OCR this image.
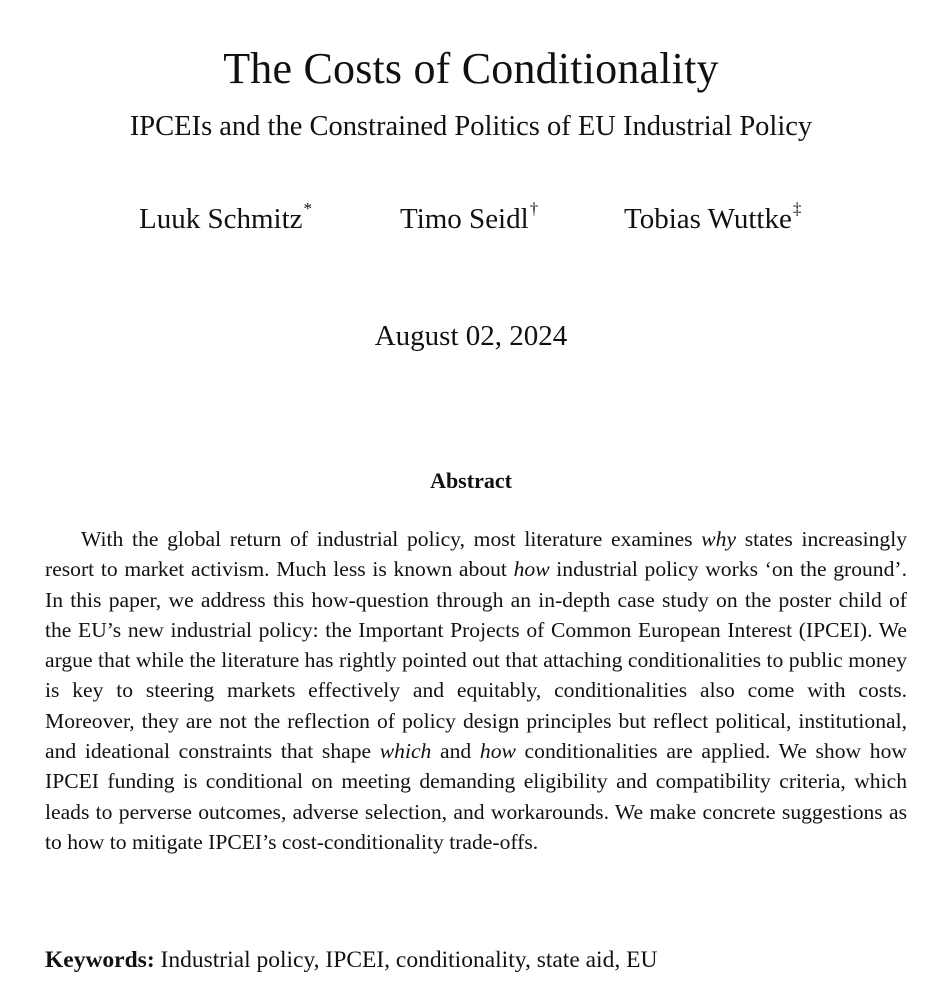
The Costs of Conditionality
IPCEIs and the Constrained Politics of EU Industrial Policy
Luuk Schmitz*	Timo Seidl†	Tobias Wuttke‡
August 02, 2024
Abstract

With the global return of industrial policy, most literature examines why states increasingly resort to market activism. Much less is known about how industrial policy works ‘on the ground’. In this paper, we address this how-question through an in-depth case study on the poster child of the EU’s new industrial policy: the Important Projects of Common European Interest (IPCEI). We argue that while the literature has rightly pointed out that attaching conditionalities to public money is key to steering markets effectively and equitably, conditionalities also come with costs. Moreover, they are not the reflection of policy design principles but reflect political, institutional, and ideational constraints that shape which and how conditionalities are applied. We show how IPCEI funding is conditional on meeting demanding eligibility and compatibility criteria, which leads to perverse outcomes, adverse selection, and workarounds. We make concrete suggestions as to how to mitigate IPCEI’s cost-conditionality trade-offs.

Keywords: Industrial policy, IPCEI, conditionality, state aid, EU
